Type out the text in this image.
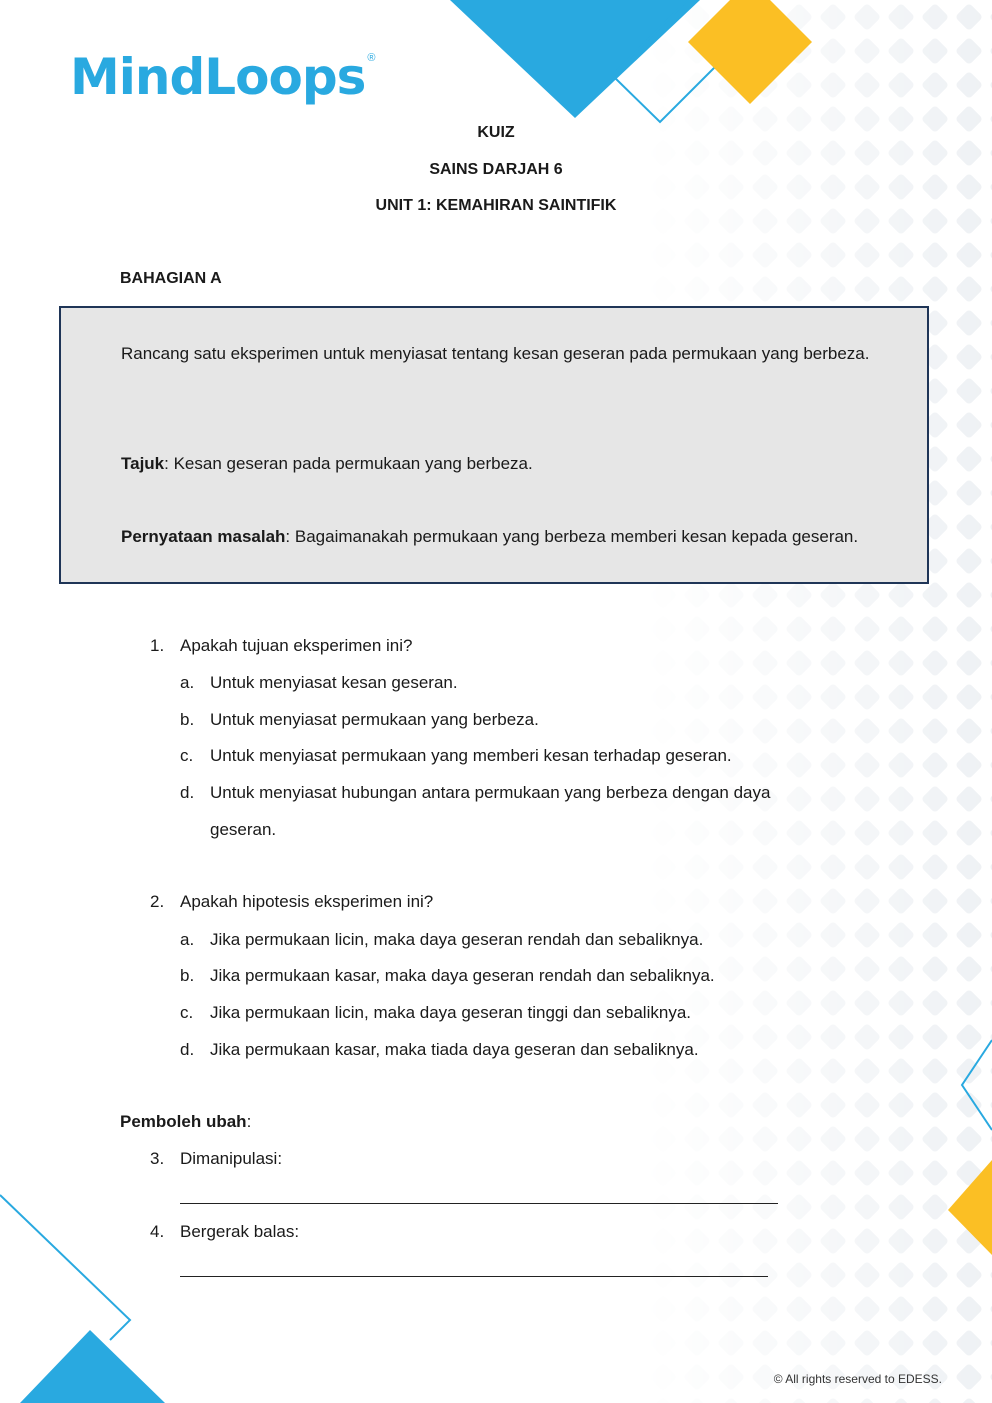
MindLoops ®
KUIZ
SAINS DARJAH 6
UNIT 1: KEMAHIRAN SAINTIFIK
BAHAGIAN A
Rancang satu eksperimen untuk menyiasat tentang kesan geseran pada permukaan yang berbeza.
Tajuk: Kesan geseran pada permukaan yang berbeza.
Pernyataan masalah: Bagaimanakah permukaan yang berbeza memberi kesan kepada geseran.
1. Apakah tujuan eksperimen ini?
a. Untuk menyiasat kesan geseran.
b. Untuk menyiasat permukaan yang berbeza.
c. Untuk menyiasat permukaan yang memberi kesan terhadap geseran.
d. Untuk menyiasat hubungan antara permukaan yang berbeza dengan daya geseran.
2. Apakah hipotesis eksperimen ini?
a. Jika permukaan licin, maka daya geseran rendah dan sebaliknya.
b. Jika permukaan kasar, maka daya geseran rendah dan sebaliknya.
c. Jika permukaan licin, maka daya geseran tinggi dan sebaliknya.
d. Jika permukaan kasar, maka tiada daya geseran dan sebaliknya.
Pemboleh ubah:
3. Dimanipulasi:
4. Bergerak balas:
© All rights reserved to EDESS.
